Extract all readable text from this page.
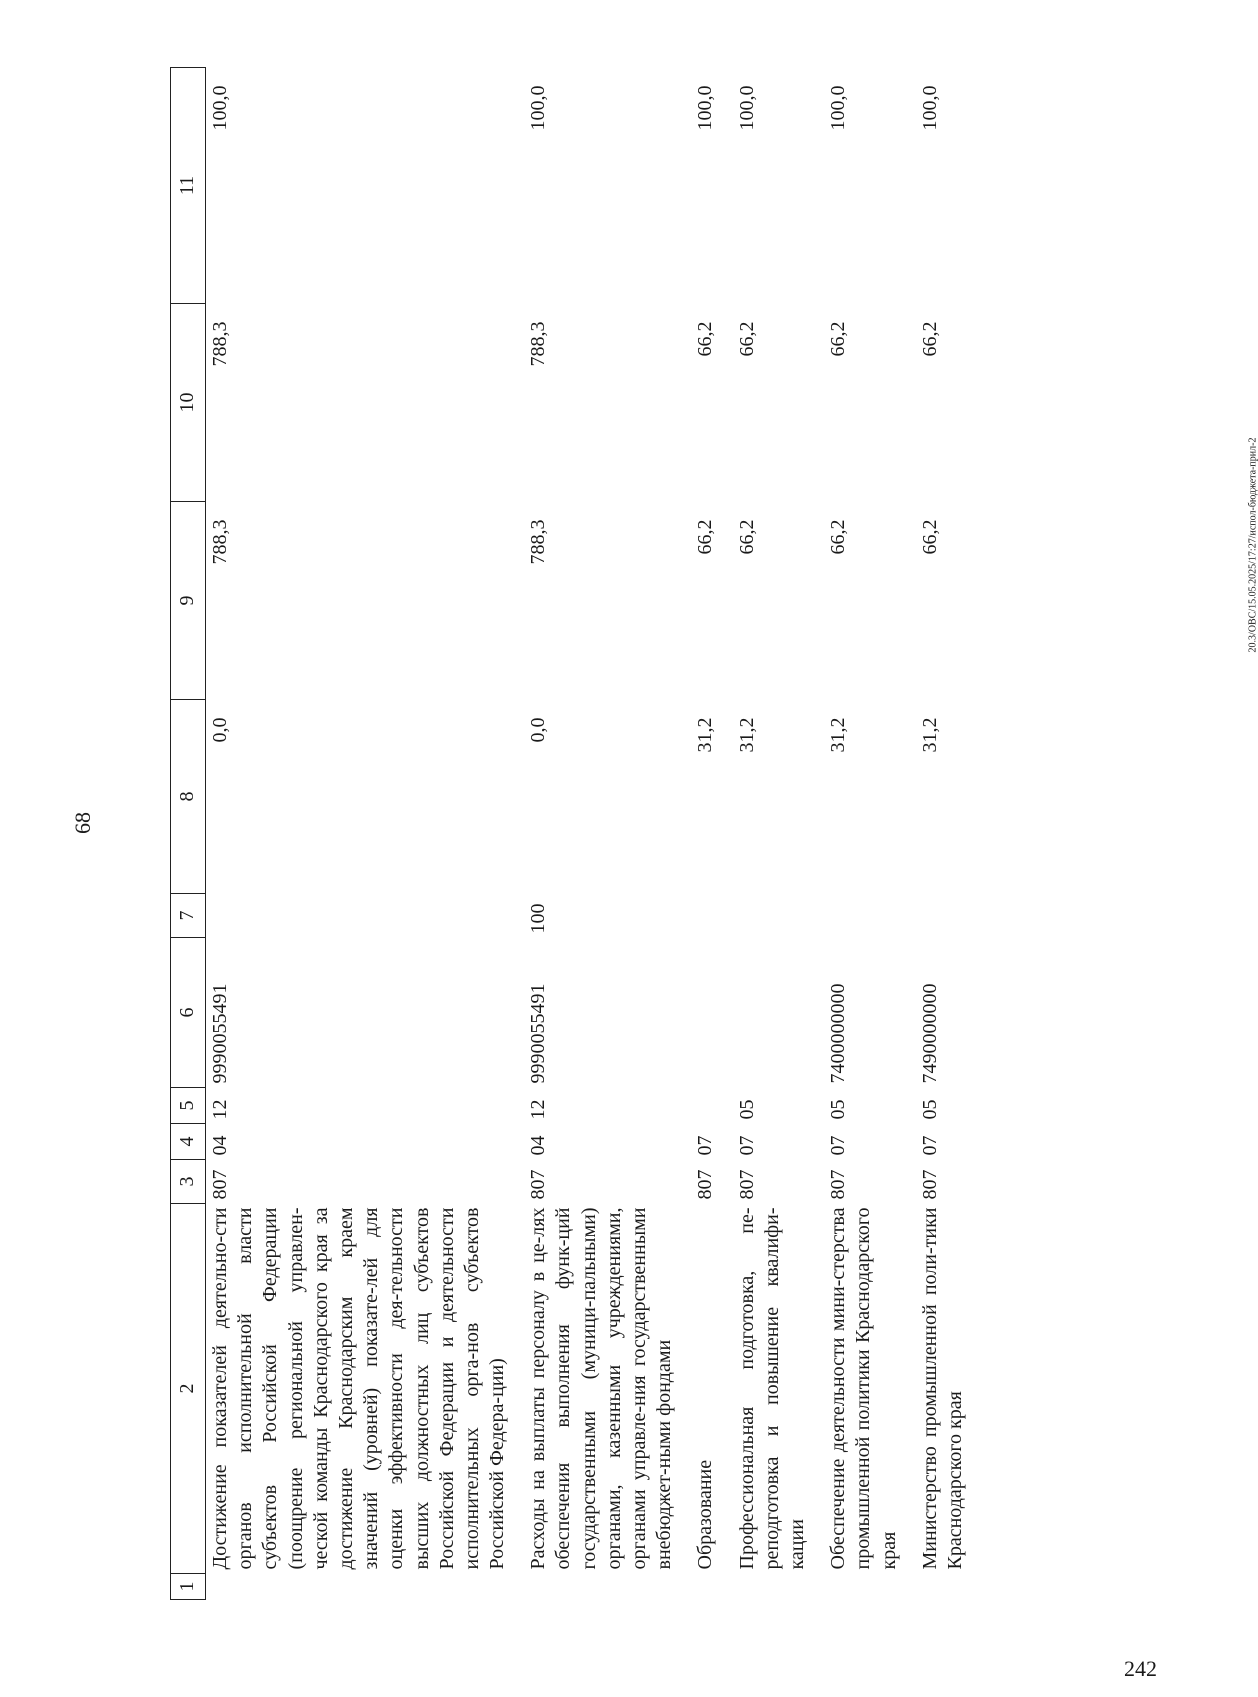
68
1	2	3	4	5	6	7	8	9	10	11
	Достижение показателей деятельно-сти органов исполнительной власти субъектов Российской Федерации (поощрение региональной управлен-ческой команды Краснодарского края за достижение Краснодарским краем значений (уровней) показате-лей для оценки эффективности дея-тельности высших должностных лиц субъектов Российской Федерации и деятельности исполнительных орга-нов субъектов Российской Федера-ции)	807	04	12	9990055491		0,0	788,3	788,3	100,0
	Расходы на выплаты персоналу в це-лях обеспечения выполнения функ-ций государственными (муници-пальными) органами, казенными учреждениями, органами управле-ния государственными внебюджет-ными фондами	807	04	12	9990055491	100	0,0	788,3	788,3	100,0
	Образование	807	07				31,2	66,2	66,2	100,0
	Профессиональная подготовка, пе-реподготовка и повышение квалифи-кации	807	07	05			31,2	66,2	66,2	100,0
	Обеспечение деятельности мини-стерства промышленной политики Краснодарского края	807	07	05	7400000000		31,2	66,2	66,2	100,0
	Министерство промышленной поли-тики Краснодарского края	807	07	05	7490000000		31,2	66,2	66,2	100,0
20.3/ОВС/15.05.2025/17:27/испол-бюджета-прил-2
242
